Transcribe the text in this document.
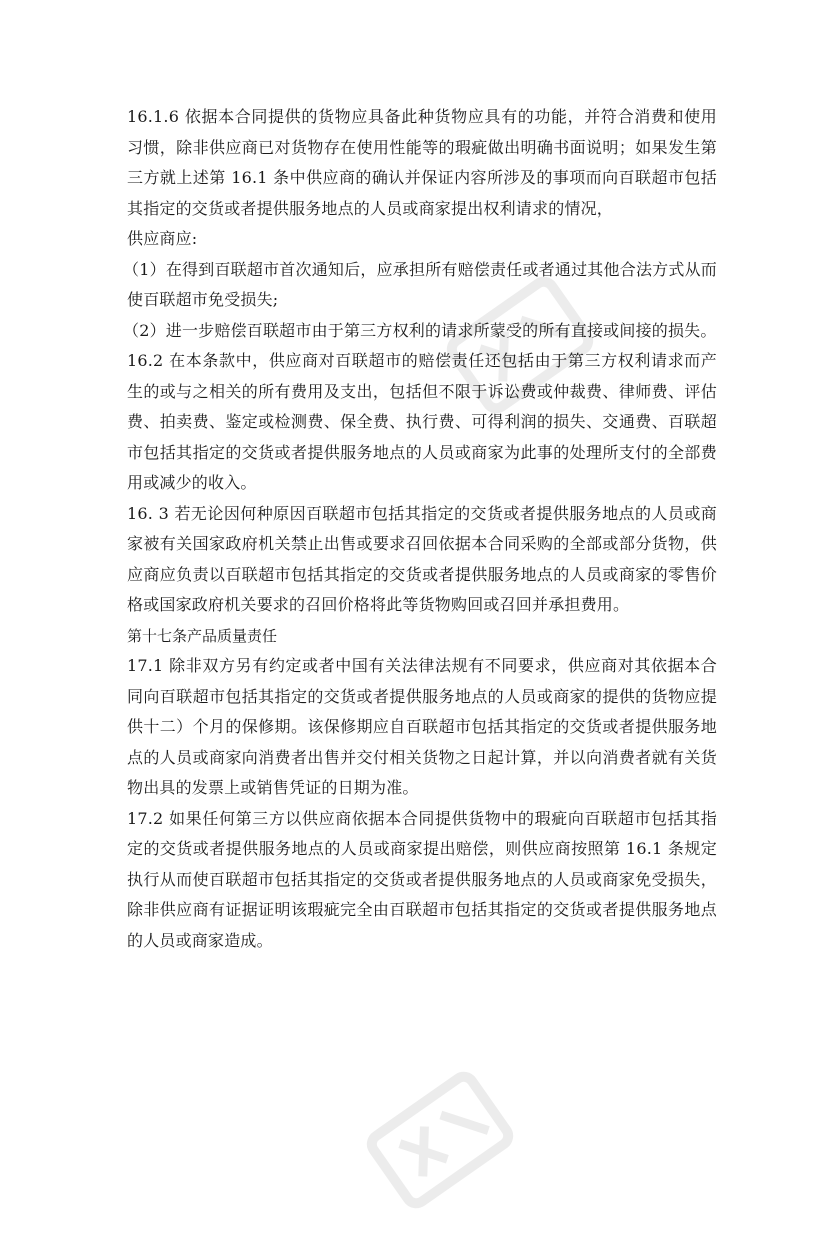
16.1.6 依据本合同提供的货物应具备此种货物应具有的功能，并符合消费和使用习惯，除非供应商已对货物存在使用性能等的瑕疵做出明确书面说明；如果发生第三方就上述第 16.1 条中供应商的确认并保证内容所涉及的事项而向百联超市包括其指定的交货或者提供服务地点的人员或商家提出权利请求的情况，

供应商应:

（1）在得到百联超市首次通知后，应承担所有赔偿责任或者通过其他合法方式从而使百联超市免受损失;

（2）进一步赔偿百联超市由于第三方权利的请求所蒙受的所有直接或间接的损失。

16.2 在本条款中，供应商对百联超市的赔偿责任还包括由于第三方权利请求而产生的或与之相关的所有费用及支出，包括但不限于诉讼费或仲裁费、律师费、评估费、拍卖费、鉴定或检测费、保全费、执行费、可得利润的损失、交通费、百联超市包括其指定的交货或者提供服务地点的人员或商家为此事的处理所支付的全部费用或减少的收入。

16. 3 若无论因何种原因百联超市包括其指定的交货或者提供服务地点的人员或商家被有关国家政府机关禁止出售或要求召回依据本合同采购的全部或部分货物，供应商应负责以百联超市包括其指定的交货或者提供服务地点的人员或商家的零售价格或国家政府机关要求的召回价格将此等货物购回或召回并承担费用。

第十七条产品质量责任

17.1 除非双方另有约定或者中国有关法律法规有不同要求，供应商对其依据本合同向百联超市包括其指定的交货或者提供服务地点的人员或商家的提供的货物应提供十二）个月的保修期。该保修期应自百联超市包括其指定的交货或者提供服务地点的人员或商家向消费者出售并交付相关货物之日起计算，并以向消费者就有关货物出具的发票上或销售凭证的日期为准。

17.2 如果任何第三方以供应商依据本合同提供货物中的瑕疵向百联超市包括其指定的交货或者提供服务地点的人员或商家提出赔偿，则供应商按照第 16.1 条规定执行从而使百联超市包括其指定的交货或者提供服务地点的人员或商家免受损失，除非供应商有证据证明该瑕疵完全由百联超市包括其指定的交货或者提供服务地点的人员或商家造成。
